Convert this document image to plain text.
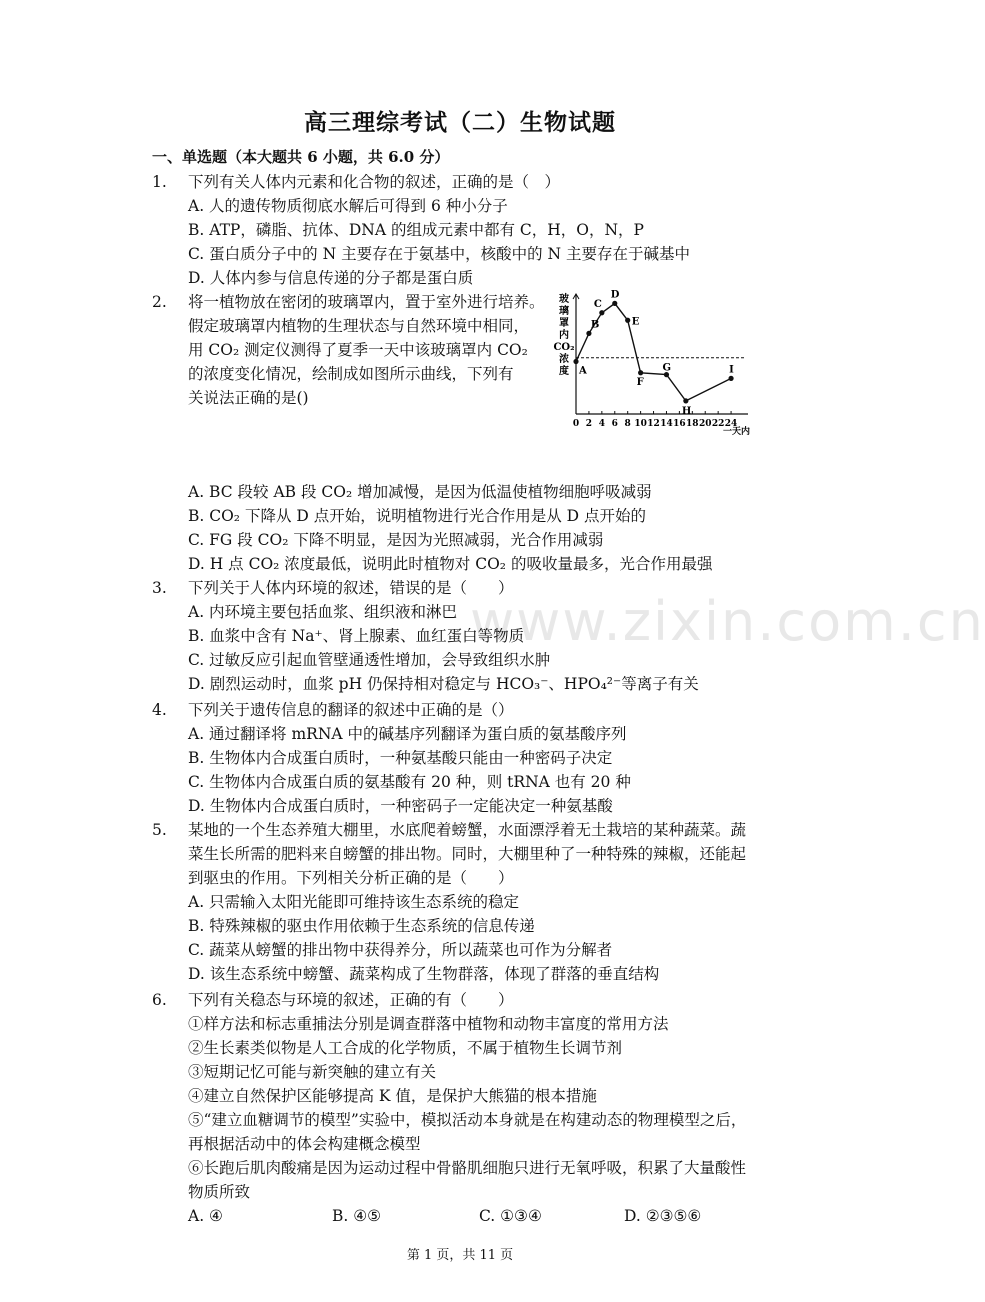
www.zixin.com.cn
高三理综考试（二）生物试题
一、单选题（本大题共 6 小题，共 6.0 分）
1.	下列有关人体内元素和化合物的叙述，正确的是（　）
A. 人的遗传物质彻底水解后可得到 6 种小分子
B. ATP，磷脂、抗体、DNA 的组成元素中都有 C，H，O，N，P
C. 蛋白质分子中的 N 主要存在于氨基中，核酸中的 N 主要存在于碱基中
D. 人体内参与信息传递的分子都是蛋白质
2.	将一植物放在密闭的玻璃罩内，置于室外进行培养。
假定玻璃罩内植物的生理状态与自然环境中相同，
用 CO₂ 测定仪测得了夏季一天中该玻璃罩内 CO₂
的浓度变化情况，绘制成如图所示曲线，下列有
关说法正确的是()
玻
璃
罩
内
CO₂
浓
度
0 2 4 6 8 10 12 14 16 18 20 22 24
一天内
A
B
C
D
E
F
G
H
I
A. BC 段较 AB 段 CO₂ 增加减慢，是因为低温使植物细胞呼吸减弱
B. CO₂ 下降从 D 点开始，说明植物进行光合作用是从 D 点开始的
C. FG 段 CO₂ 下降不明显，是因为光照减弱，光合作用减弱
D. H 点 CO₂ 浓度最低，说明此时植物对 CO₂ 的吸收量最多，光合作用最强
3.	下列关于人体内环境的叙述，错误的是（　　）
A. 内环境主要包括血浆、组织液和淋巴
B. 血浆中含有 Na⁺、肾上腺素、血红蛋白等物质
C. 过敏反应引起血管壁通透性增加，会导致组织水肿
D. 剧烈运动时，血浆 pH 仍保持相对稳定与 HCO₃⁻、HPO₄²⁻等离子有关
4.	下列关于遗传信息的翻译的叙述中正确的是（）
A. 通过翻译将 mRNA 中的碱基序列翻译为蛋白质的氨基酸序列
B. 生物体内合成蛋白质时，一种氨基酸只能由一种密码子决定
C. 生物体内合成蛋白质的氨基酸有 20 种，则 tRNA 也有 20 种
D. 生物体内合成蛋白质时，一种密码子一定能决定一种氨基酸
5.	某地的一个生态养殖大棚里，水底爬着螃蟹，水面漂浮着无土栽培的某种蔬菜。蔬
菜生长所需的肥料来自螃蟹的排出物。同时，大棚里种了一种特殊的辣椒，还能起
到驱虫的作用。下列相关分析正确的是（　　）
A. 只需输入太阳光能即可维持该生态系统的稳定
B. 特殊辣椒的驱虫作用依赖于生态系统的信息传递
C. 蔬菜从螃蟹的排出物中获得养分，所以蔬菜也可作为分解者
D. 该生态系统中螃蟹、蔬菜构成了生物群落，体现了群落的垂直结构
6.	下列有关稳态与环境的叙述，正确的有（　　）
①样方法和标志重捕法分别是调查群落中植物和动物丰富度的常用方法
②生长素类似物是人工合成的化学物质，不属于植物生长调节剂
③短期记忆可能与新突触的建立有关
④建立自然保护区能够提高 K 值，是保护大熊猫的根本措施
⑤“建立血糖调节的模型”实验中，模拟活动本身就是在构建动态的物理模型之后，
再根据活动中的体会构建概念模型
⑥长跑后肌肉酸痛是因为运动过程中骨骼肌细胞只进行无氧呼吸，积累了大量酸性
物质所致
A. ④	B. ④⑤	C. ①③④	D. ②③⑤⑥
第 1 页，共 11 页
